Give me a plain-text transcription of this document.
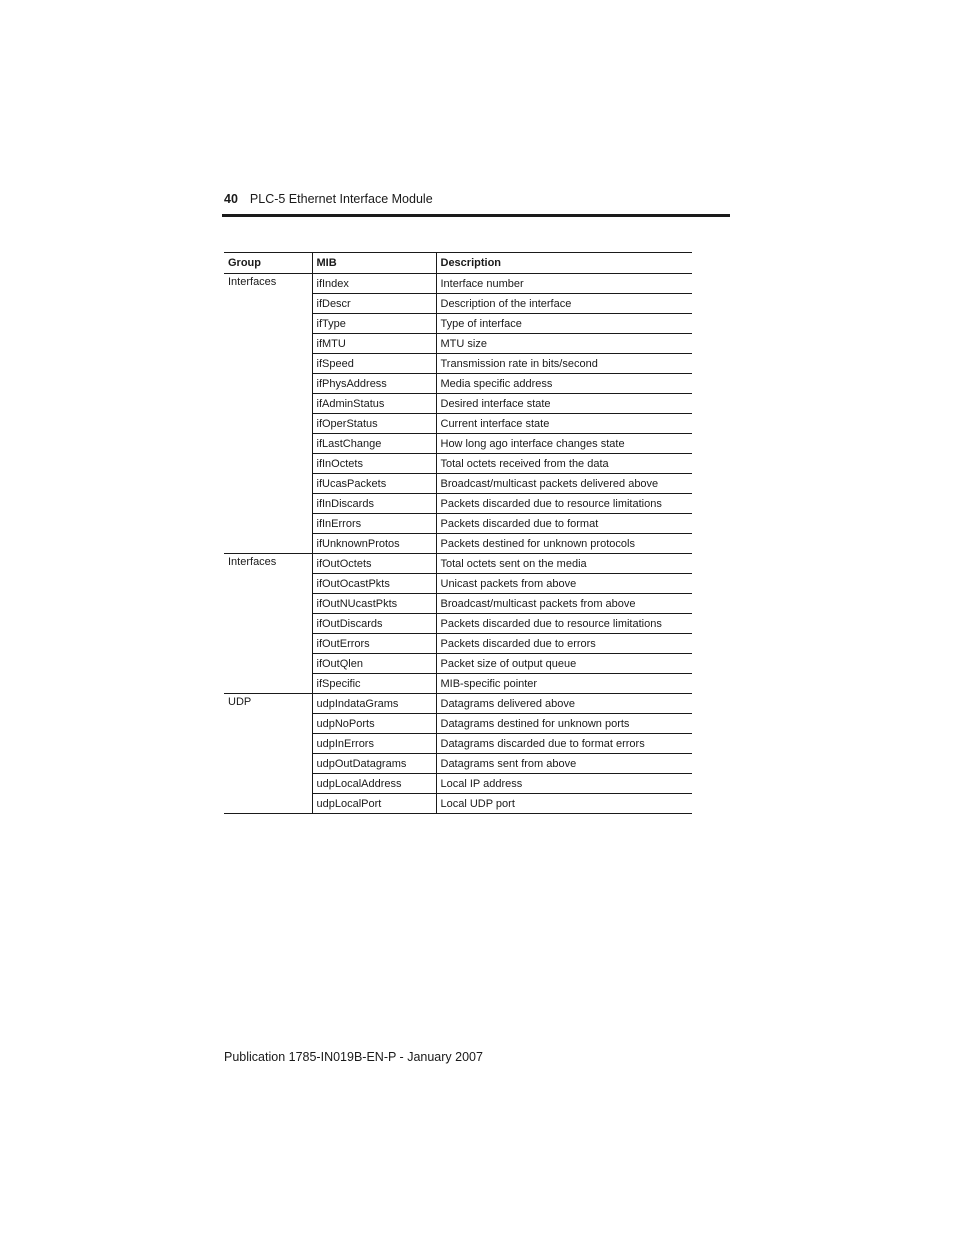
40 PLC-5 Ethernet Interface Module
Group	MIB	Description
Interfaces	ifIndex	Interface number
	ifDescr	Description of the interface
	ifType	Type of interface
	ifMTU	MTU size
	ifSpeed	Transmission rate in bits/second
	ifPhysAddress	Media specific address
	ifAdminStatus	Desired interface state
	ifOperStatus	Current interface state
	ifLastChange	How long ago interface changes state
	ifInOctets	Total octets received from the data
	ifUcasPackets	Broadcast/multicast packets delivered above
	ifInDiscards	Packets discarded due to resource limitations
	ifInErrors	Packets discarded due to format
	ifUnknownProtos	Packets destined for unknown protocols
Interfaces	ifOutOctets	Total octets sent on the media
	ifOutOcastPkts	Unicast packets from above
	ifOutNUcastPkts	Broadcast/multicast packets from above
	ifOutDiscards	Packets discarded due to resource limitations
	ifOutErrors	Packets discarded due to errors
	ifOutQlen	Packet size of output queue
	ifSpecific	MIB-specific pointer
UDP	udpIndataGrams	Datagrams delivered above
	udpNoPorts	Datagrams destined for unknown ports
	udpInErrors	Datagrams discarded due to format errors
	udpOutDatagrams	Datagrams sent from above
	udpLocalAddress	Local IP address
	udpLocalPort	Local UDP port
Publication 1785-IN019B-EN-P - January 2007
